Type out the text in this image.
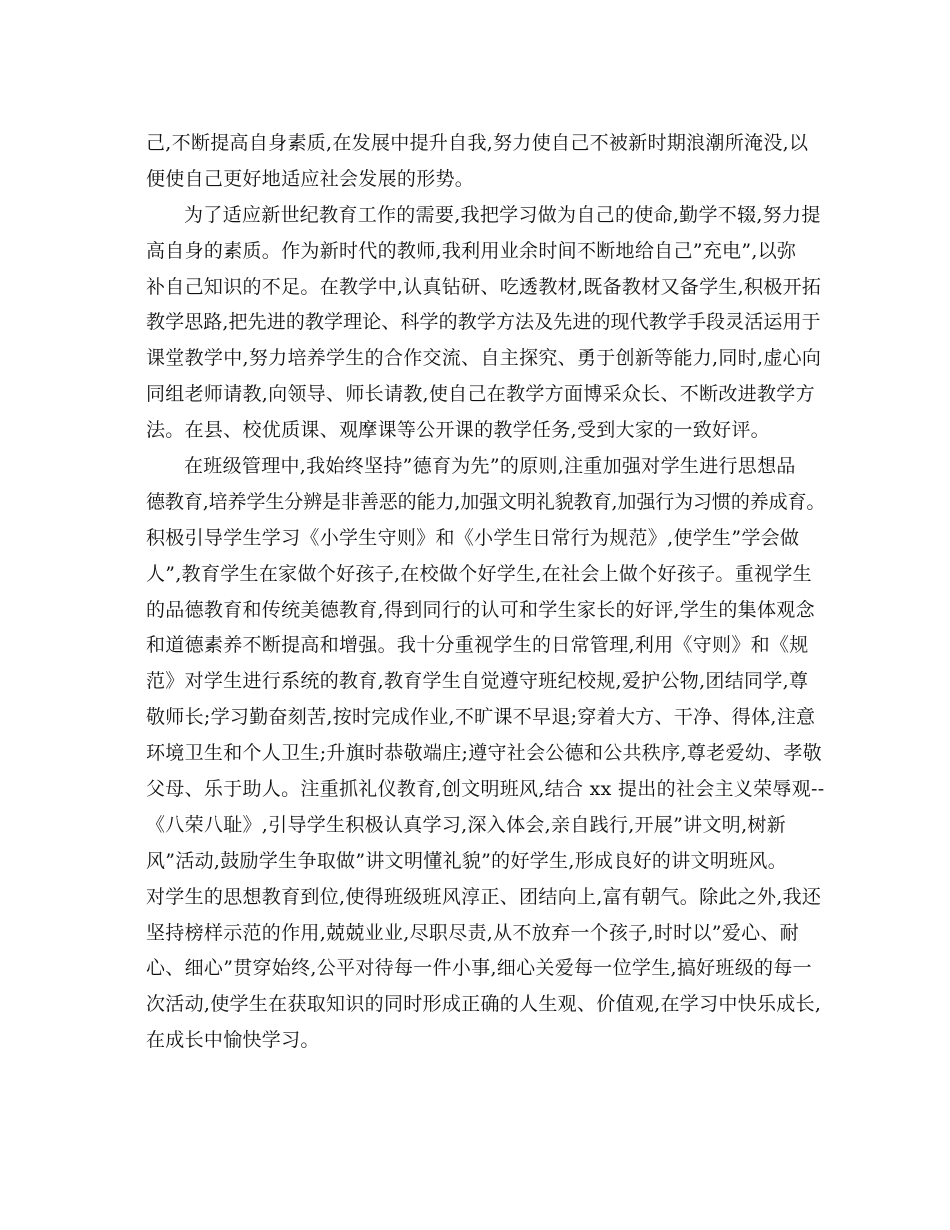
己,不断提高自身素质,在发展中提升自我,努力使自己不被新时期浪潮所淹没,以
便使自己更好地适应社会发展的形势。
为了适应新世纪教育工作的需要,我把学习做为自己的使命,勤学不辍,努力提
高自身的素质。作为新时代的教师,我利用业余时间不断地给自己”充电”,以弥
补自己知识的不足。在教学中,认真钻研、吃透教材,既备教材又备学生,积极开拓
教学思路,把先进的教学理论、科学的教学方法及先进的现代教学手段灵活运用于
课堂教学中,努力培养学生的合作交流、自主探究、勇于创新等能力,同时,虚心向
同组老师请教,向领导、师长请教,使自己在教学方面博采众长、不断改进教学方
法。在县、校优质课、观摩课等公开课的教学任务,受到大家的一致好评。
在班级管理中,我始终坚持”德育为先”的原则,注重加强对学生进行思想品
德教育,培养学生分辨是非善恶的能力,加强文明礼貌教育,加强行为习惯的养成育。
积极引导学生学习《小学生守则》和《小学生日常行为规范》,使学生”学会做
人”,教育学生在家做个好孩子,在校做个好学生,在社会上做个好孩子。重视学生
的品德教育和传统美德教育,得到同行的认可和学生家长的好评,学生的集体观念
和道德素养不断提高和增强。我十分重视学生的日常管理,利用《守则》和《规
范》对学生进行系统的教育,教育学生自觉遵守班纪校规,爱护公物,团结同学,尊
敬师长;学习勤奋刻苦,按时完成作业,不旷课不早退;穿着大方、干净、得体,注意
环境卫生和个人卫生;升旗时恭敬端庄;遵守社会公德和公共秩序,尊老爱幼、孝敬
父母、乐于助人。注重抓礼仪教育,创文明班风,结合 xx 提出的社会主义荣辱观--
《八荣八耻》,引导学生积极认真学习,深入体会,亲自践行,开展”讲文明,树新
风”活动,鼓励学生争取做”讲文明懂礼貌”的好学生,形成良好的讲文明班风。
对学生的思想教育到位,使得班级班风淳正、团结向上,富有朝气。除此之外,我还
坚持榜样示范的作用,兢兢业业,尽职尽责,从不放弃一个孩子,时时以”爱心、耐
心、细心”贯穿始终,公平对待每一件小事,细心关爱每一位学生,搞好班级的每一
次活动,使学生在获取知识的同时形成正确的人生观、价值观,在学习中快乐成长,
在成长中愉快学习。
